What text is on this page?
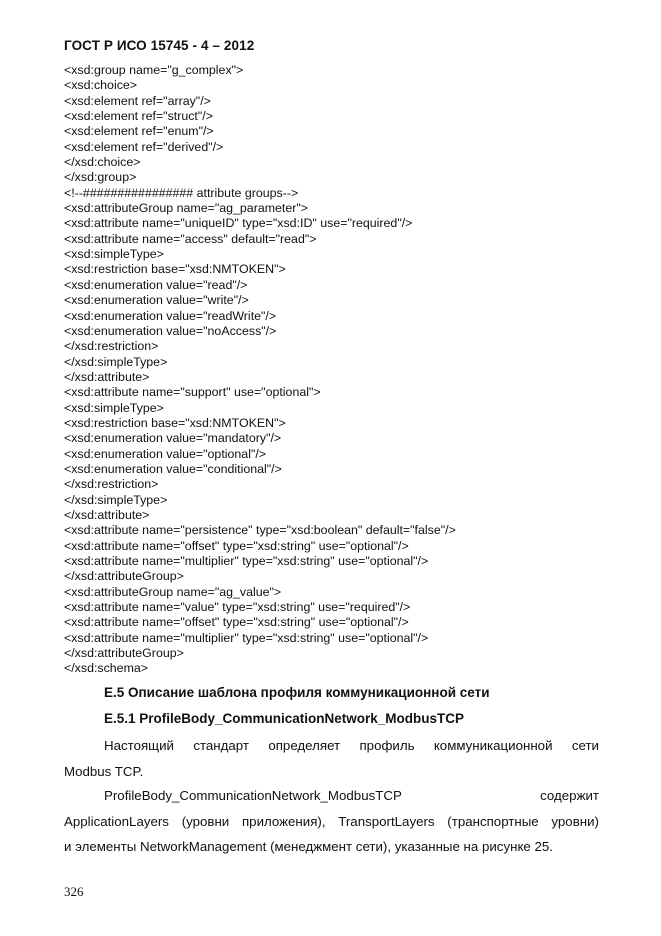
ГОСТ Р ИСО 15745 - 4 – 2012
<xsd:group name="g_complex">
<xsd:choice>
<xsd:element ref="array"/>
<xsd:element ref="struct"/>
<xsd:element ref="enum"/>
<xsd:element ref="derived"/>
</xsd:choice>
</xsd:group>
<!--################ attribute groups-->
<xsd:attributeGroup name="ag_parameter">
<xsd:attribute name="uniqueID" type="xsd:ID" use="required"/>
<xsd:attribute name="access" default="read">
<xsd:simpleType>
<xsd:restriction base="xsd:NMTOKEN">
<xsd:enumeration value="read"/>
<xsd:enumeration value="write"/>
<xsd:enumeration value="readWrite"/>
<xsd:enumeration value="noAccess"/>
</xsd:restriction>
</xsd:simpleType>
</xsd:attribute>
<xsd:attribute name="support" use="optional">
<xsd:simpleType>
<xsd:restriction base="xsd:NMTOKEN">
<xsd:enumeration value="mandatory"/>
<xsd:enumeration value="optional"/>
<xsd:enumeration value="conditional"/>
</xsd:restriction>
</xsd:simpleType>
</xsd:attribute>
<xsd:attribute name="persistence" type="xsd:boolean" default="false"/>
<xsd:attribute name="offset" type="xsd:string" use="optional"/>
<xsd:attribute name="multiplier" type="xsd:string" use="optional"/>
</xsd:attributeGroup>
<xsd:attributeGroup name="ag_value">
<xsd:attribute name="value" type="xsd:string" use="required"/>
<xsd:attribute name="offset" type="xsd:string" use="optional"/>
<xsd:attribute name="multiplier" type="xsd:string" use="optional"/>
</xsd:attributeGroup>
</xsd:schema>
E.5 Описание шаблона профиля коммуникационной сети
E.5.1 ProfileBody_CommunicationNetwork_ModbusTCP
Настоящий стандарт определяет профиль коммуникационной сети
Modbus TCP.
ProfileBody_CommunicationNetwork_ModbusTCP	содержит
ApplicationLayers (уровни приложения), TransportLayers (транспортные уровни)
и элементы NetworkManagement (менеджмент сети), указанные на рисунке 25.
326
